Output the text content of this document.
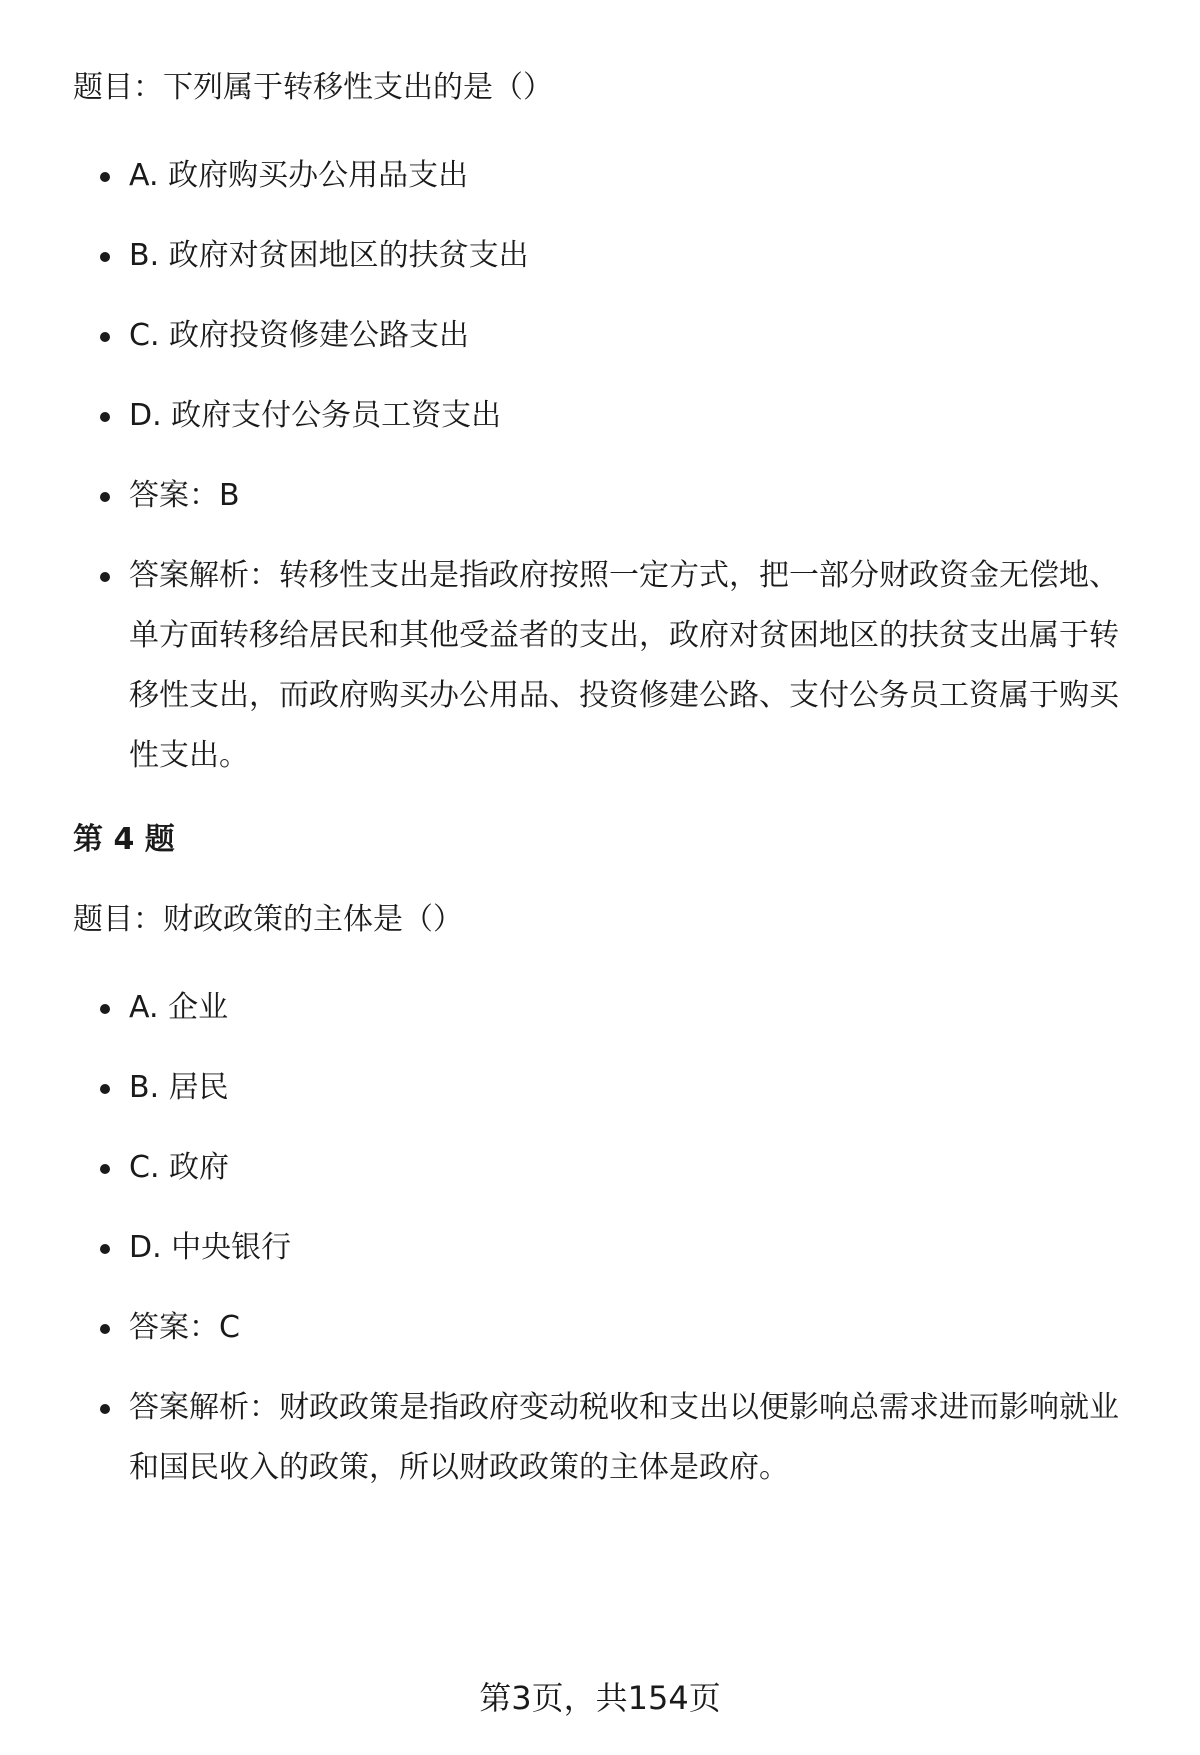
题目：下列属于转移性支出的是（）

A. 政府购买办公用品支出
B. 政府对贫困地区的扶贫支出
C. 政府投资修建公路支出
D. 政府支付公务员工资支出
答案：B
答案解析：转移性支出是指政府按照一定方式，把一部分财政资金无偿地、单方面转移给居民和其他受益者的支出，政府对贫困地区的扶贫支出属于转移性支出，而政府购买办公用品、投资修建公路、支付公务员工资属于购买性支出。

第 4 题

题目：财政政策的主体是（）

A. 企业
B. 居民
C. 政府
D. 中央银行
答案：C
答案解析：财政政策是指政府变动税收和支出以便影响总需求进而影响就业和国民收入的政策，所以财政政策的主体是政府。
第3页，共154页
